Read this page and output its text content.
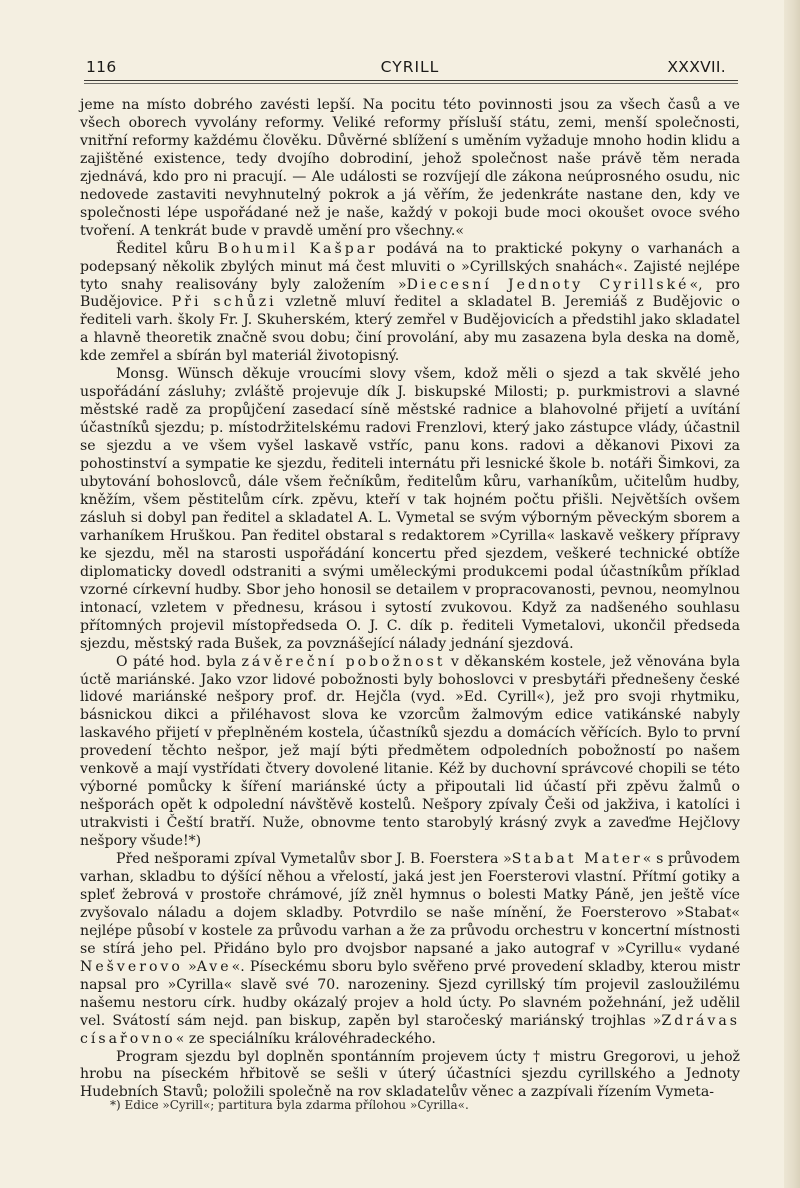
116	CYRILL	XXXVII.

jeme na místo dobrého zavésti lepší. Na pocitu této povinnosti jsou za všech časů a ve všech oborech vyvolány reformy. Veliké reformy přísluší státu, zemi, menší společnosti, vnitřní reformy každému člověku. Důvěrné sblížení s uměním vyžaduje mnoho hodin klidu a zajištěné existence, tedy dvojího dobrodiní, jehož společnost naše právě těm nerada zjednává, kdo pro ni pracují. — Ale události se rozvíjejí dle zákona neúprosného osudu, nic nedovede zastaviti nevyhnutelný pokrok a já věřím, že jedenkráte nastane den, kdy ve společnosti lépe uspořádané než je naše, každý v pokoji bude moci okoušet ovoce svého tvoření. A tenkrát bude v pravdě umění pro všechny.«

Ředitel kůru Bohumil Kašpar podává na to praktické pokyny o varhanách a podepsaný několik zbylých minut má čest mluviti o »Cyrillských snahách«. Zajisté nejlépe tyto snahy realisovány byly založením »Diecesní Jednoty Cyrillské«, pro Budějovice. Při schůzi vzletně mluví ředitel a skladatel B. Jeremiáš z Budějovic o řediteli varh. školy Fr. J. Skuherském, který zemřel v Budějovicích a předstihl jako skladatel a hlavně theoretik značně svou dobu; činí provolání, aby mu zasazena byla deska na domě, kde zemřel a sbírán byl materiál životopisný.

Monsg. Wünsch děkuje vroucími slovy všem, kdož měli o sjezd a tak skvělé jeho uspořádání zásluhy; zvláště projevuje dík J. biskupské Milosti; p. purkmistrovi a slavné městské radě za propůjčení zasedací síně městské radnice a blahovolné přijetí a uvítání účastníků sjezdu; p. místodržitelskému radovi Frenzlovi, který jako zástupce vlády, účastnil se sjezdu a ve všem vyšel laskavě vstříc, panu kons. radovi a děkanovi Pixovi za pohostinství a sympatie ke sjezdu, řediteli internátu při lesnické škole b. notáři Šimkovi, za ubytování bohoslovců, dále všem řečníkům, ředitelům kůru, varhaníkům, učitelům hudby, kněžím, všem pěstitelům círk. zpěvu, kteří v tak hojném počtu přišli. Největších ovšem zásluh si dobyl pan ředitel a skladatel A. L. Vymetal se svým výborným pěveckým sborem a varhaníkem Hruškou. Pan ředitel obstaral s redaktorem »Cyrilla« laskavě veškery přípravy ke sjezdu, měl na starosti uspořádání koncertu před sjezdem, veškeré technické obtíže diplomaticky dovedl odstraniti a svými uměleckými produkcemi podal účastníkům příklad vzorné církevní hudby. Sbor jeho honosil se detailem v propracovanosti, pevnou, neomylnou intonací, vzletem v přednesu, krásou i sytostí zvukovou. Když za nadšeného souhlasu přítomných projevil místopředseda O. J. C. dík p. řediteli Vymetalovi, ukončil předseda sjezdu, městský rada Bušek, za povznášející nálady jednání sjezdová.

O páté hod. byla závěreční pobožnost v děkanském kostele, jež věnována byla úctě mariánské. Jako vzor lidové pobožnosti byly bohoslovci v presbytáři přednešeny české lidové mariánské nešpory prof. dr. Hejčla (vyd. »Ed. Cyrill«), jež pro svoji rhytmiku, básnickou dikci a přiléhavost slova ke vzorcům žalmovým edice vatikánské nabyly laskavého přijetí v přeplněném kostela, účastníků sjezdu a domácích věřících. Bylo to první provedení těchto nešpor, jež mají býti předmětem odpoledních pobožností po našem venkově a mají vystřídati čtvery dovolené litanie. Kéž by duchovní správcové chopili se této výborné pomůcky k šíření mariánské úcty a připoutali lid účastí při zpěvu žalmů o nešporách opět k odpolední návštěvě kostelů. Nešpory zpívaly Češi od jakživa, i katolíci i utrakvisti i Čeští bratří. Nuže, obnovme tento starobylý krásný zvyk a zaveďme Hejčlovy nešpory všude!*)

Před nešporami zpíval Vymetalův sbor J. B. Foerstera »Stabat Mater« s průvodem varhan, skladbu to dýšící něhou a vřelostí, jaká jest jen Foersterovi vlastní. Přítmí gotiky a spleť žebrová v prostoře chrámové, jíž zněl hymnus o bolesti Matky Páně, jen ještě více zvyšovalo náladu a dojem skladby. Potvrdilo se naše mínění, že Foersterovo »Stabat« nejlépe působí v kostele za průvodu varhan a že za průvodu orchestru v koncertní místnosti se stírá jeho pel. Přidáno bylo pro dvojsbor napsané a jako autograf v »Cyrillu« vydané Nešverovo »Ave«. Píseckému sboru bylo svěřeno prvé provedení skladby, kterou mistr napsal pro »Cyrilla« slavě své 70. narozeniny. Sjezd cyrillský tím projevil zasloužilému našemu nestoru círk. hudby okázalý projev a hold úcty. Po slavném požehnání, jež udělil vel. Svátostí sám nejd. pan biskup, zapěn byl staročeský mariánský trojhlas »Zdrávas císařovno« ze speciálníku královéhradeckého.

Program sjezdu byl doplněn spontánním projevem úcty † mistru Gregorovi, u jehož hrobu na píseckém hřbitově se sešli v úterý účastníci sjezdu cyrillského a Jednoty Hudebních Stavů; položili společně na rov skladatelův věnec a zazpívali řízením Vymeta-

*) Edice »Cyrill«; partitura byla zdarma přílohou »Cyrilla«.
